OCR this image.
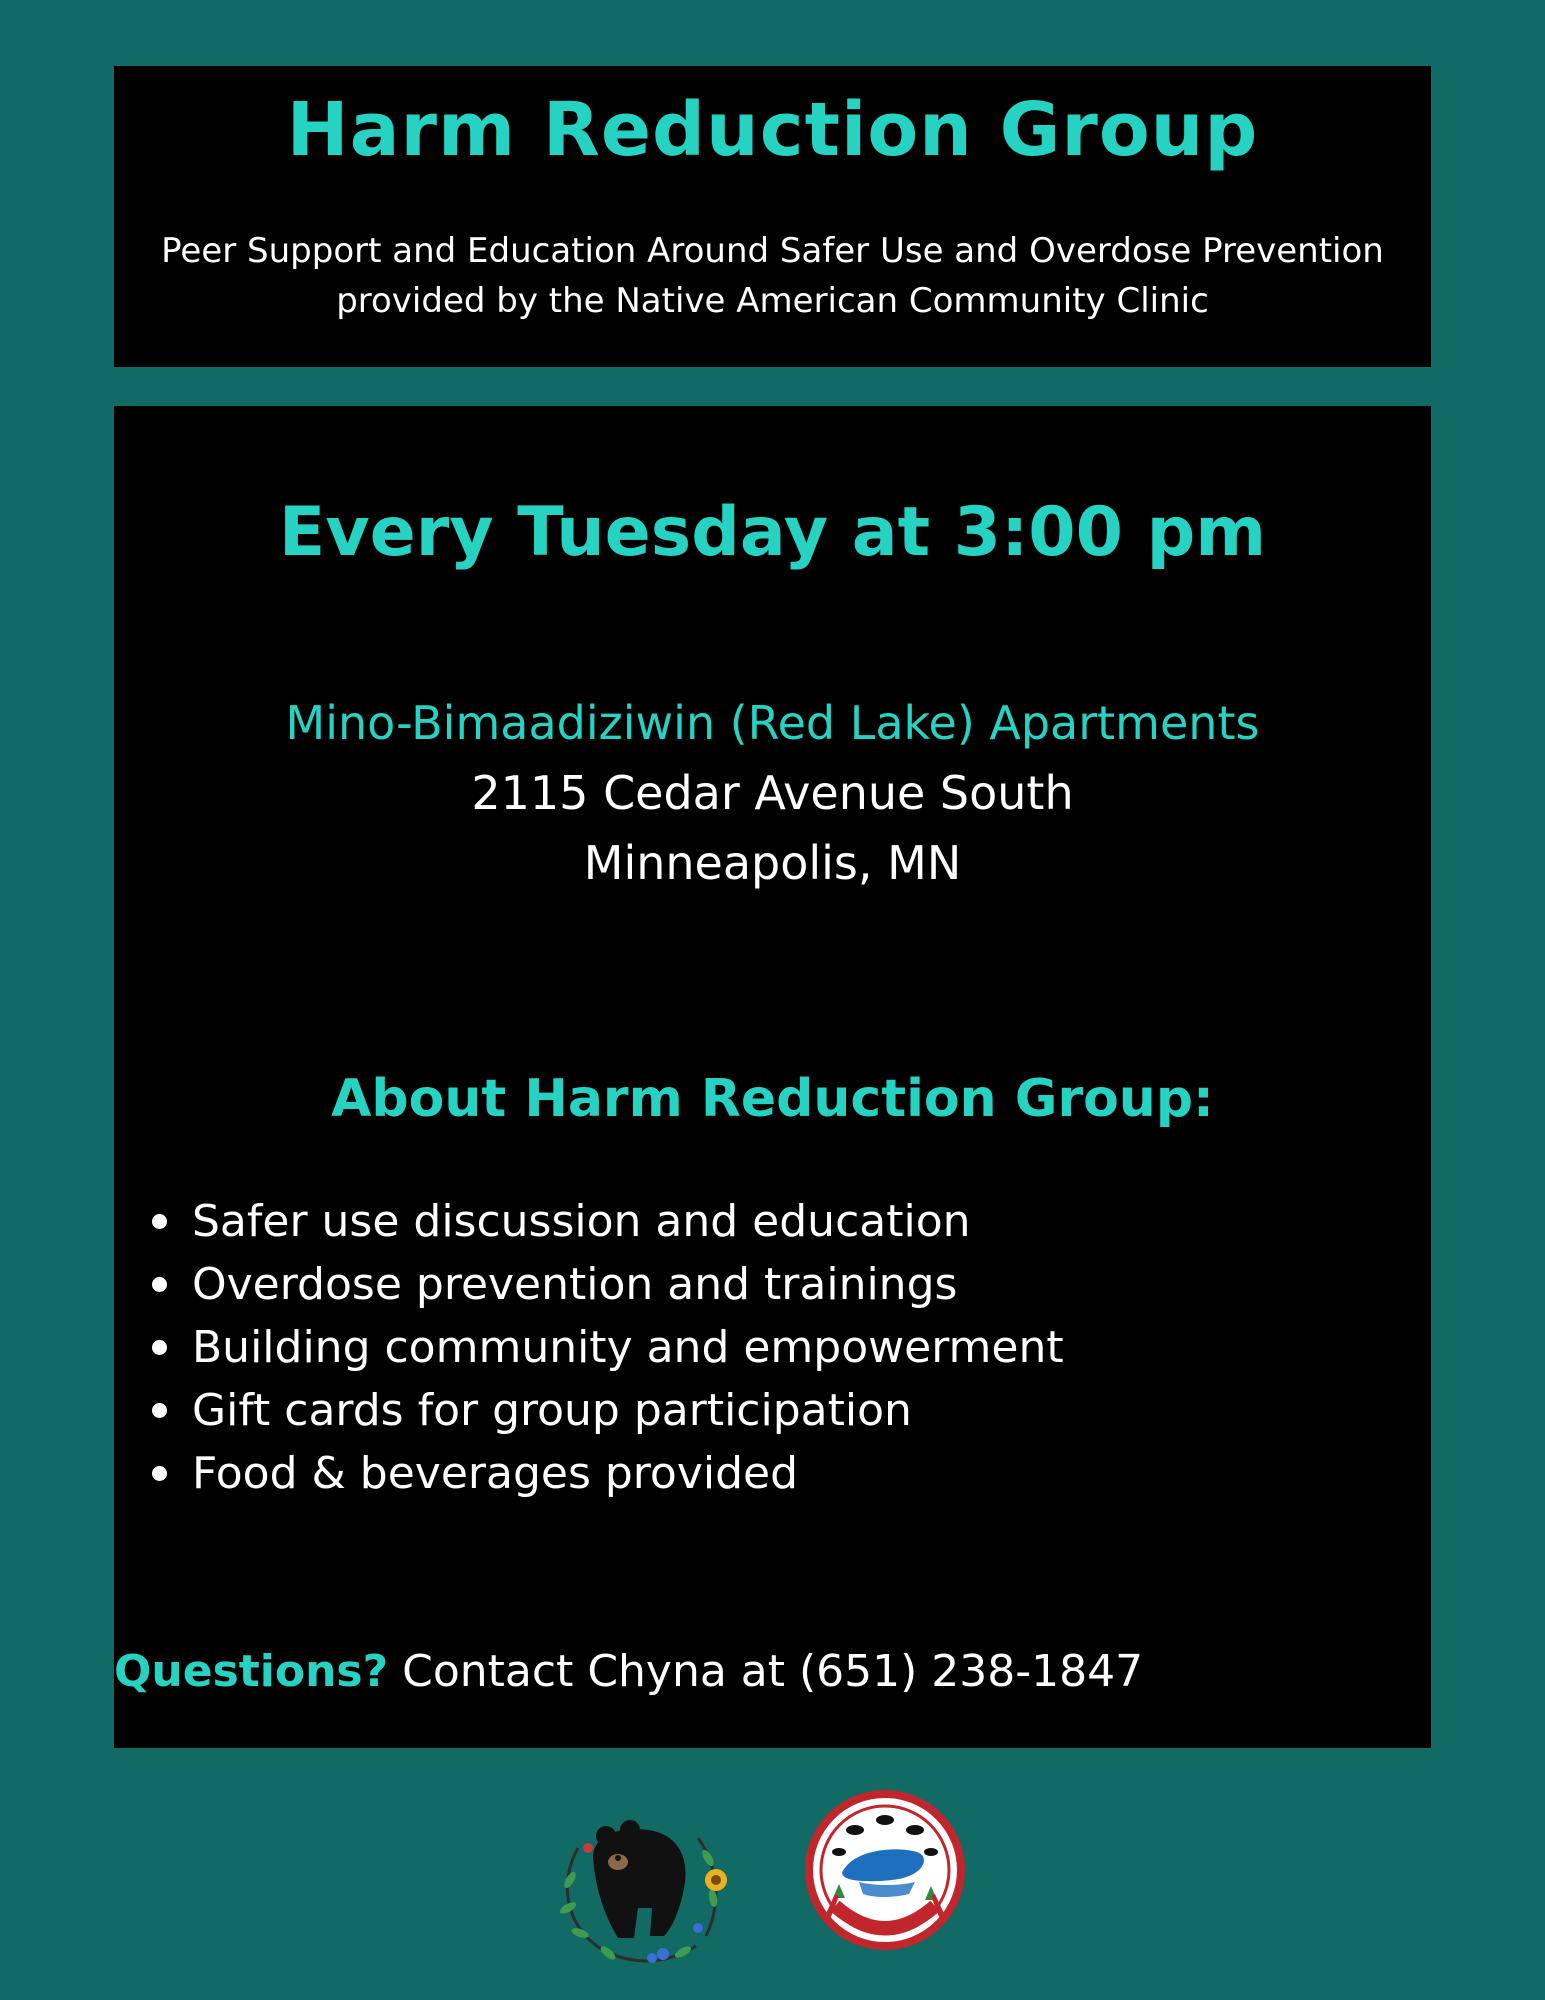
Harm Reduction Group
Peer Support and Education Around Safer Use and Overdose Prevention
provided by the Native American Community Clinic
Every Tuesday at 3:00 pm
Mino-Bimaadiziwin (Red Lake) Apartments
2115 Cedar Avenue South
Minneapolis, MN
About Harm Reduction Group:
Safer use discussion and education
Overdose prevention and trainings
Building community and empowerment
Gift cards for group participation
Food & beverages provided
Questions? Contact Chyna at (651) 238-1847
